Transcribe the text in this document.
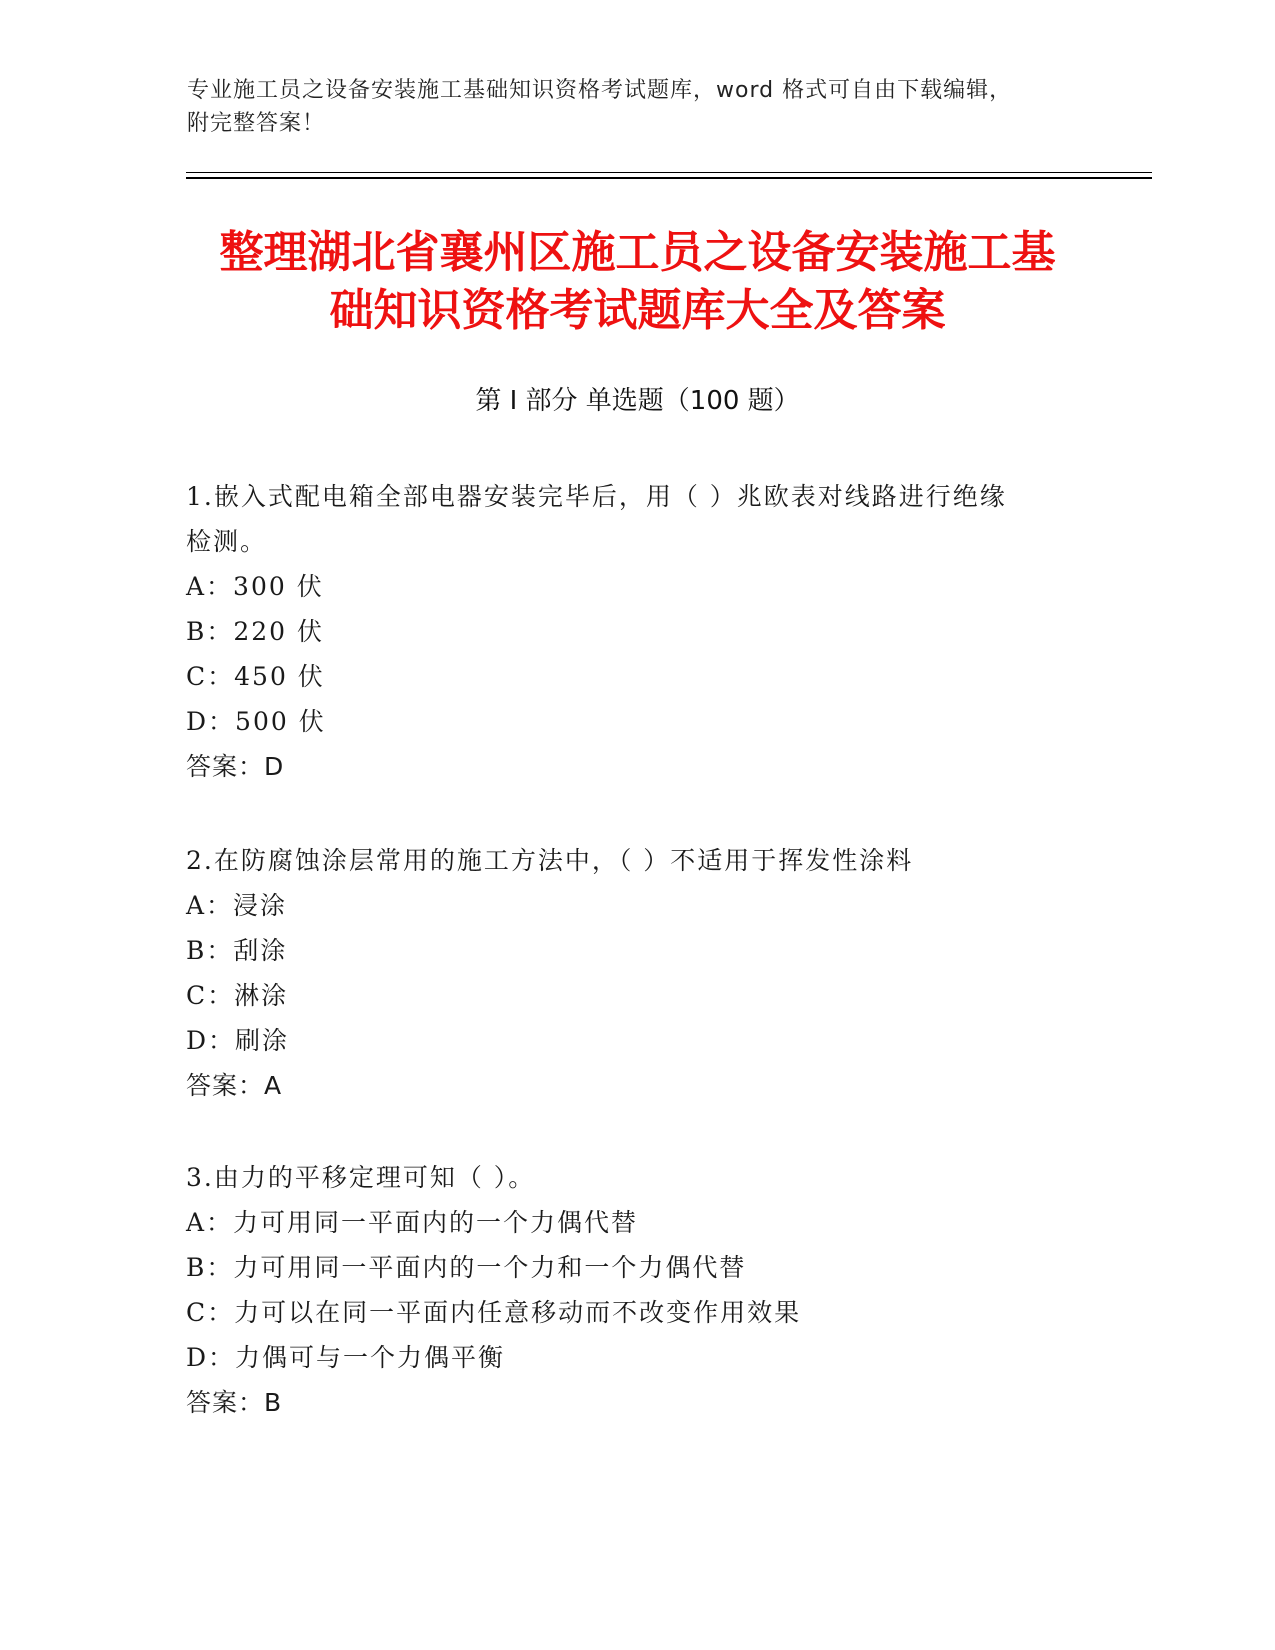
专业施工员之设备安装施工基础知识资格考试题库，word 格式可自由下载编辑，
附完整答案！
整理湖北省襄州区施工员之设备安装施工基
础知识资格考试题库大全及答案
第 I 部分 单选题（100 题）
1.嵌入式配电箱全部电器安装完毕后，用（ ）兆欧表对线路进行绝缘
检测。
A：300 伏
B：220 伏
C：450 伏
D：500 伏
答案：D
2.在防腐蚀涂层常用的施工方法中，（ ）不适用于挥发性涂料
A：浸涂
B：刮涂
C：淋涂
D：刷涂
答案：A
3.由力的平移定理可知（ ）。
A：力可用同一平面内的一个力偶代替
B：力可用同一平面内的一个力和一个力偶代替
C：力可以在同一平面内任意移动而不改变作用效果
D：力偶可与一个力偶平衡
答案：B
